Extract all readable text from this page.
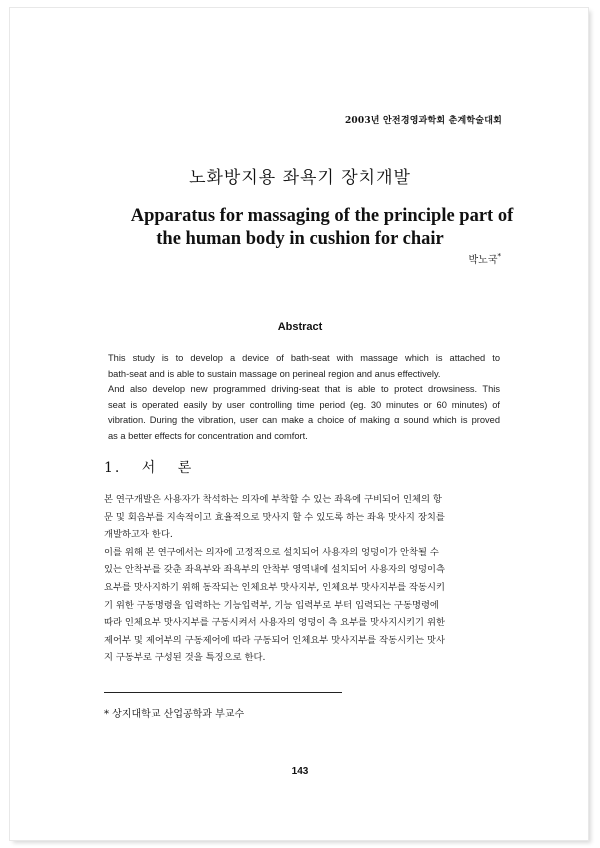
2003년 안전경영과학회 춘계학술대회
노화방지용 좌욕기 장치개발
Apparatus for massaging of the principle part of
the human body in cushion for chair
박노국*
Abstract

This study is to develop a device of bath-seat with massage which is attached to

bath-seat and is able to sustain massage on perineal region and anus effectively.

And also develop new programmed driving-seat that is able to protect drowsiness. This

seat is operated easily by user controlling time period (eg. 30 minutes or 60 minutes) of

vibration. During the vibration, user can make a choice of making α sound which is proved

as a better effects for concentration and comfort.

1. 서 론

본 연구개발은 사용자가 착석하는 의자에 부착할 수 있는 좌욕에 구비되어 인체의 항
문 및 회음부를 지속적이고 효율적으로 맛사지 할 수 있도록 하는 좌욕 맛사지 장치를
개발하고자 한다.

이를 위해 본 연구에서는 의자에 고정적으로 설치되어 사용자의 엉덩이가 안착될 수
있는 안착부를 갖춘 좌욕부와 좌욕부의 안착부 영역내에 설치되어 사용자의 엉덩이측
요부를 맛사지하기 위해 동작되는 인체요부 맛사지부, 인체요부 맛사지부를 작동시키
기 위한 구동명령을 입력하는 기능입력부, 기능 입력부로 부터 입력되는 구동명령에
따라 인체요부 맛사지부를 구동시켜서 사용자의 엉덩이 측 요부를 맛사지시키기 위한
제어부 및 제어부의 구동제어에 따라 구동되어 인체요부 맛사지부를 작동시키는 맛사
지 구동부로 구성된 것을 특징으로 한다.

* 상지대학교 산업공학과 부교수
143
